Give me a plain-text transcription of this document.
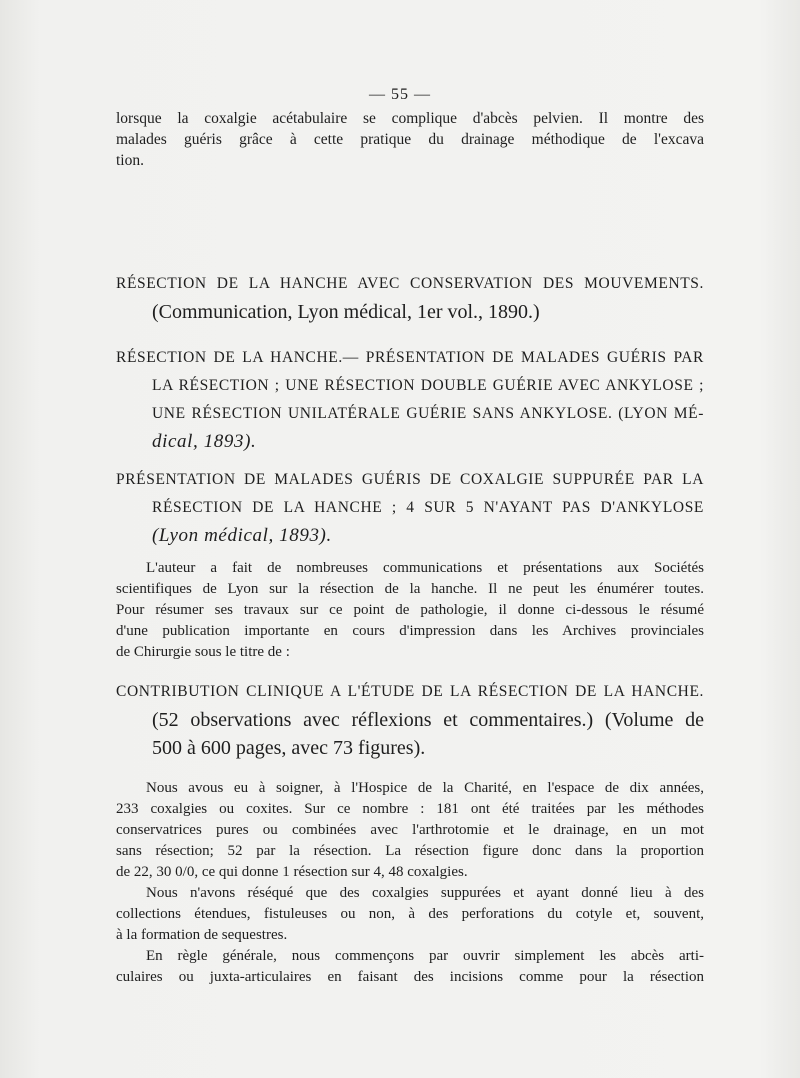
— 55 —
lorsque la coxalgie acétabulaire se complique d'abcès pelvien. Il montre des
malades guéris grâce à cette pratique du drainage méthodique de l'excava
tion.
RÉSECTION DE LA HANCHE AVEC CONSERVATION DES MOUVEMENTS.
(Communication, Lyon médical, 1er vol., 1890.)
RÉSECTION DE LA HANCHE.— PRÉSENTATION DE MALADES GUÉRIS PAR
LA RÉSECTION ; UNE RÉSECTION DOUBLE GUÉRIE AVEC ANKYLOSE ;
UNE RÉSECTION UNILATÉRALE GUÉRIE SANS ANKYLOSE. (LYON MÉ-
dical, 1893).
PRÉSENTATION DE MALADES GUÉRIS DE COXALGIE SUPPURÉE PAR LA
RÉSECTION DE LA HANCHE ; 4 SUR 5 N'AYANT PAS D'ANKYLOSE
(Lyon médical, 1893).
L'auteur a fait de nombreuses communications et présentations aux Sociétés
scientifiques de Lyon sur la résection de la hanche. Il ne peut les énumérer toutes.
Pour résumer ses travaux sur ce point de pathologie, il donne ci-dessous le résumé
d'une publication importante en cours d'impression dans les Archives provinciales
de Chirurgie sous le titre de :
CONTRIBUTION CLINIQUE A L'ÉTUDE DE LA RÉSECTION DE LA HANCHE.
(52 observations avec réflexions et commentaires.) (Volume de
500 à 600 pages, avec 73 figures).
Nous avous eu à soigner, à l'Hospice de la Charité, en l'espace de dix années,
233 coxalgies ou coxites. Sur ce nombre : 181 ont été traitées par les méthodes
conservatrices pures ou combinées avec l'arthrotomie et le drainage, en un mot
sans résection; 52 par la résection. La résection figure donc dans la proportion
de 22, 30 0/0, ce qui donne 1 résection sur 4, 48 coxalgies.
Nous n'avons réséqué que des coxalgies suppurées et ayant donné lieu à des
collections étendues, fistuleuses ou non, à des perforations du cotyle et, souvent,
à la formation de sequestres.
En règle générale, nous commençons par ouvrir simplement les abcès arti-
culaires ou juxta-articulaires en faisant des incisions comme pour la résection
